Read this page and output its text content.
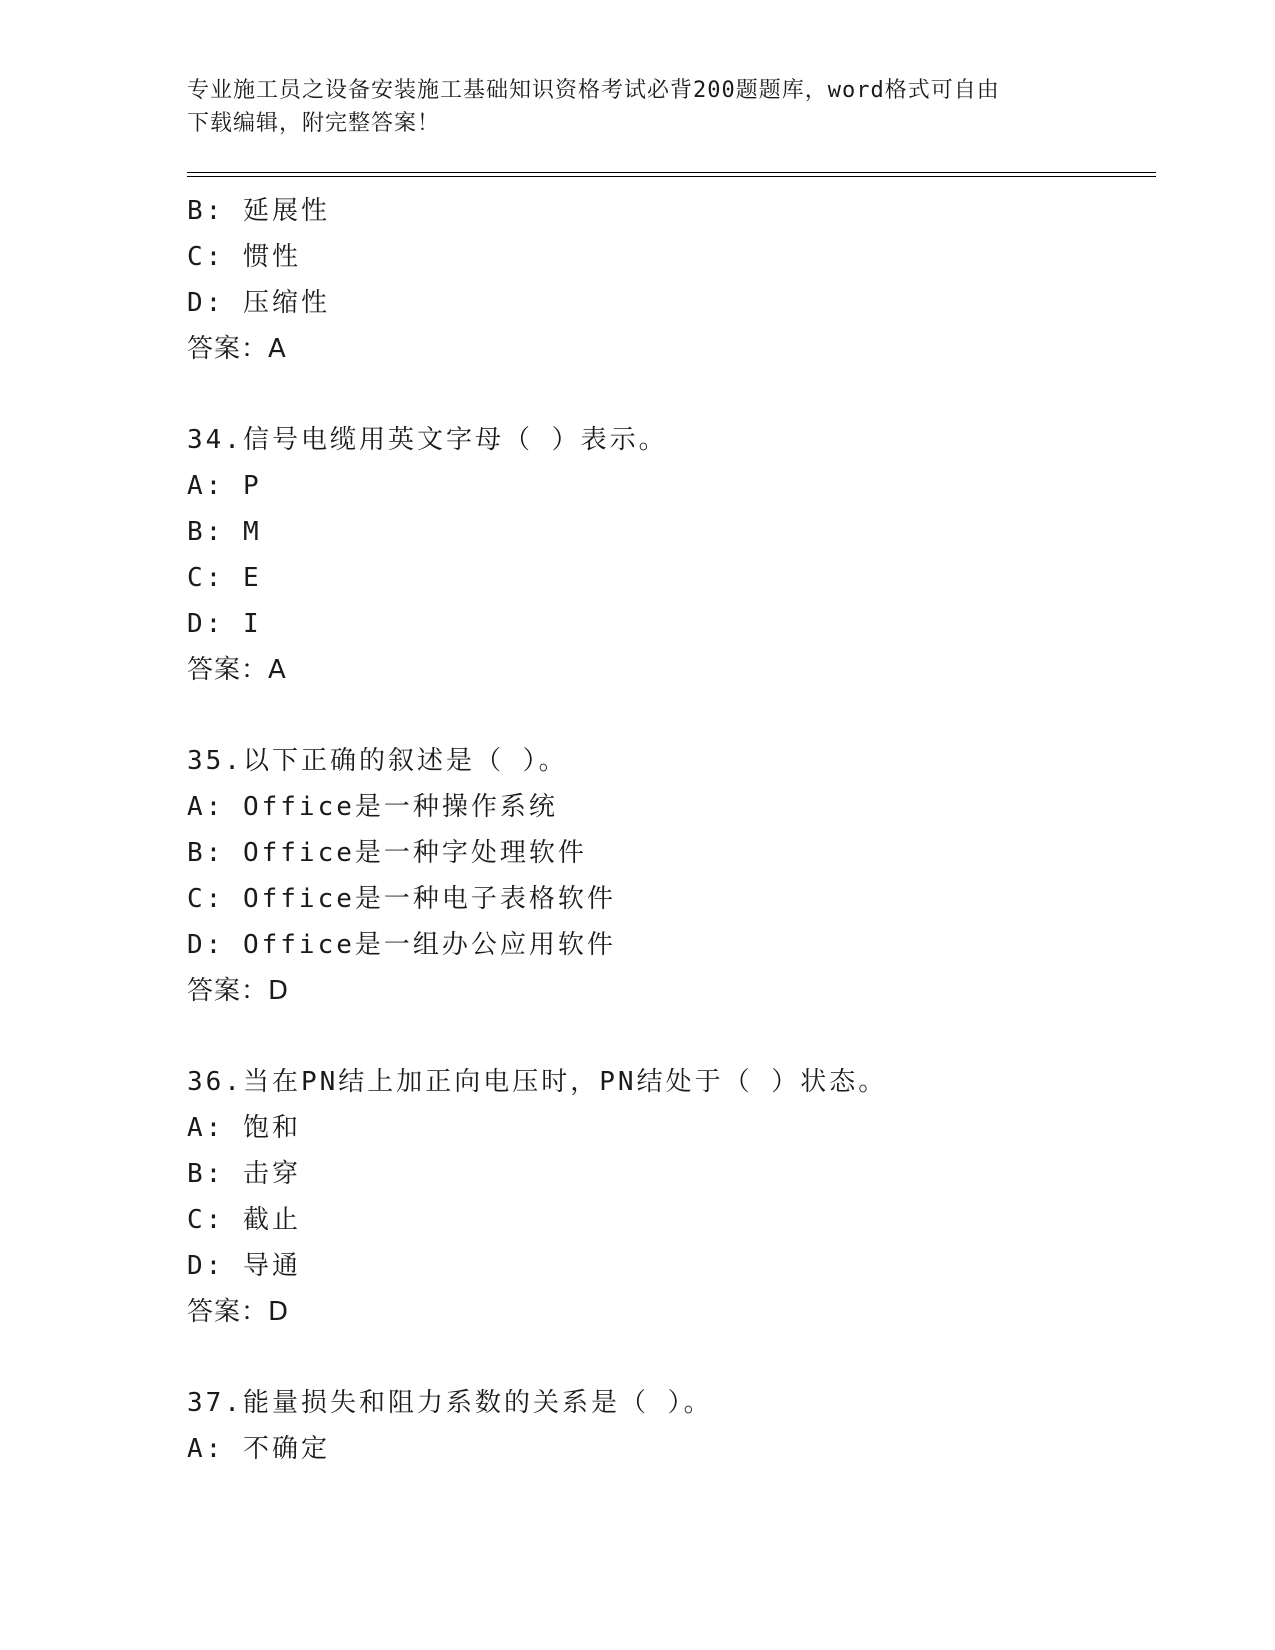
专业施工员之设备安装施工基础知识资格考试必背200题题库，word格式可自由
下载编辑，附完整答案！
B: 延展性
C: 惯性
D: 压缩性
答案：A
34.信号电缆用英文字母（ ）表示。
A: P
B: M
C: E
D: I
答案：A
35.以下正确的叙述是（ ）。
A: Office是一种操作系统
B: Office是一种字处理软件
C: Office是一种电子表格软件
D: Office是一组办公应用软件
答案：D
36.当在PN结上加正向电压时，PN结处于（ ）状态。
A: 饱和
B: 击穿
C: 截止
D: 导通
答案：D
37.能量损失和阻力系数的关系是（ ）。
A: 不确定
